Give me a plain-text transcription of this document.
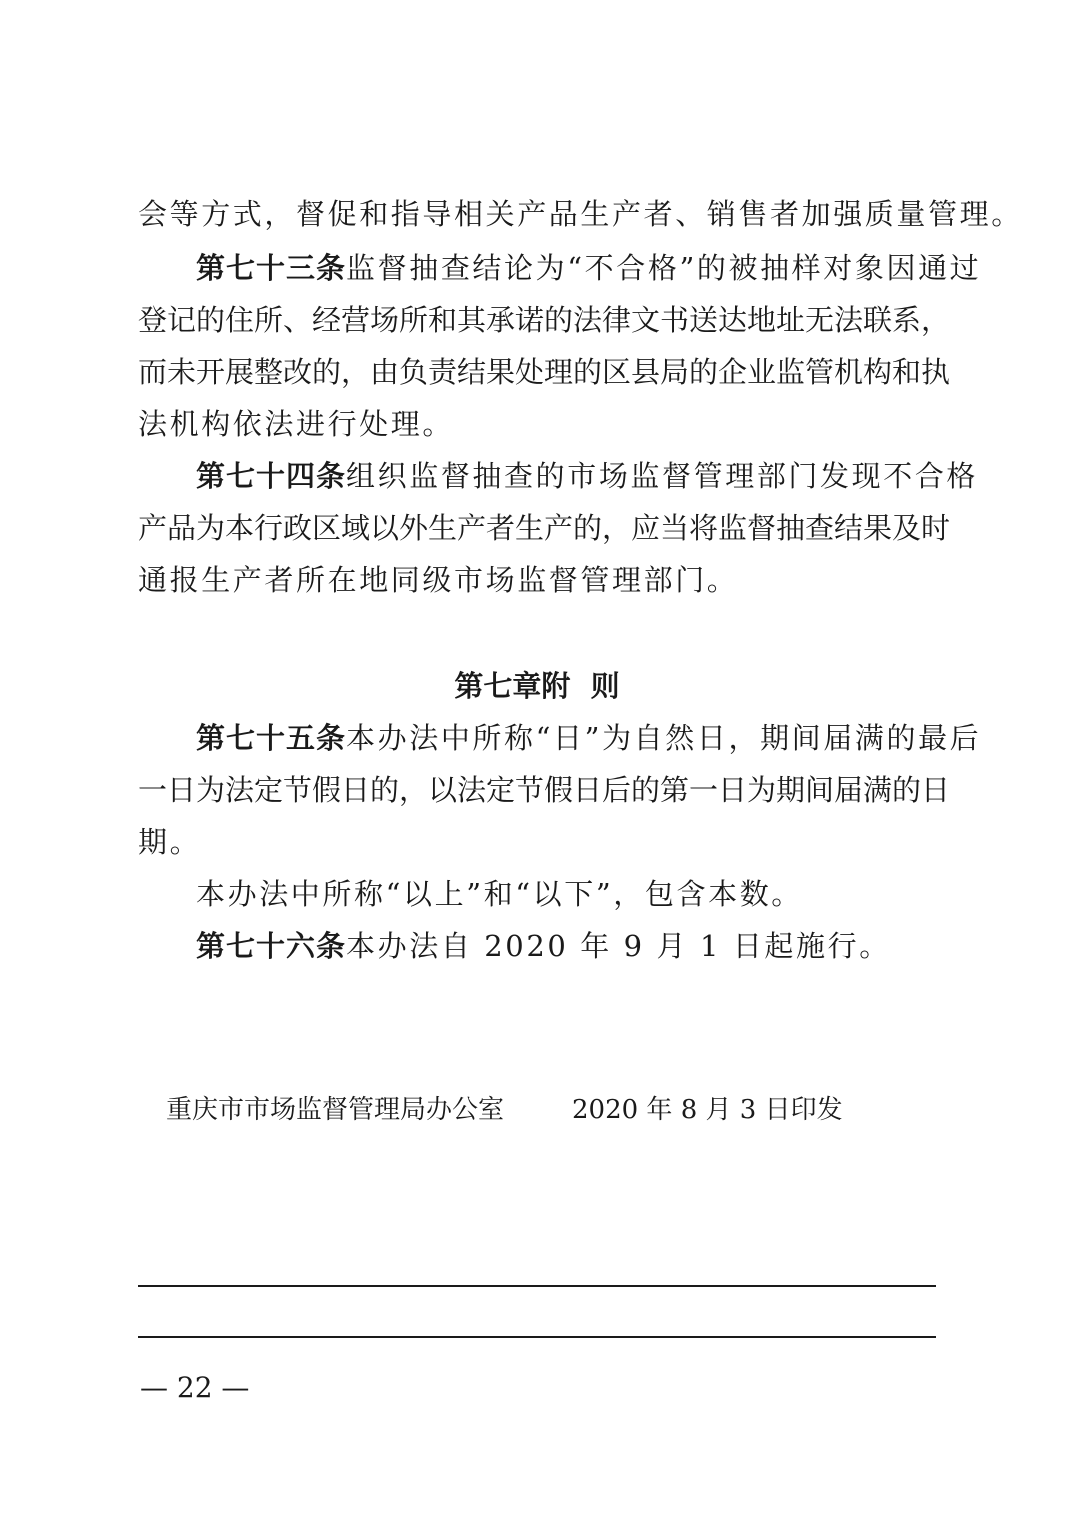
会等方式，督促和指导相关产品生产者、销售者加强质量管理。
第七十三条监督抽查结论为“不合格”的被抽样对象因通过
登记的住所、经营场所和其承诺的法律文书送达地址无法联系，
而未开展整改的，由负责结果处理的区县局的企业监管机构和执
法机构依法进行处理。
第七十四条组织监督抽查的市场监督管理部门发现不合格
产品为本行政区域以外生产者生产的，应当将监督抽查结果及时
通报生产者所在地同级市场监督管理部门。
第七章附  则
第七十五条本办法中所称“日”为自然日，期间届满的最后
一日为法定节假日的，以法定节假日后的第一日为期间届满的日
期。
本办法中所称“以上”和“以下”，包含本数。
第七十六条本办法自 2020 年 9 月 1 日起施行。
重庆市市场监督管理局办公室	2020 年 8 月 3 日印发
— 22 —
